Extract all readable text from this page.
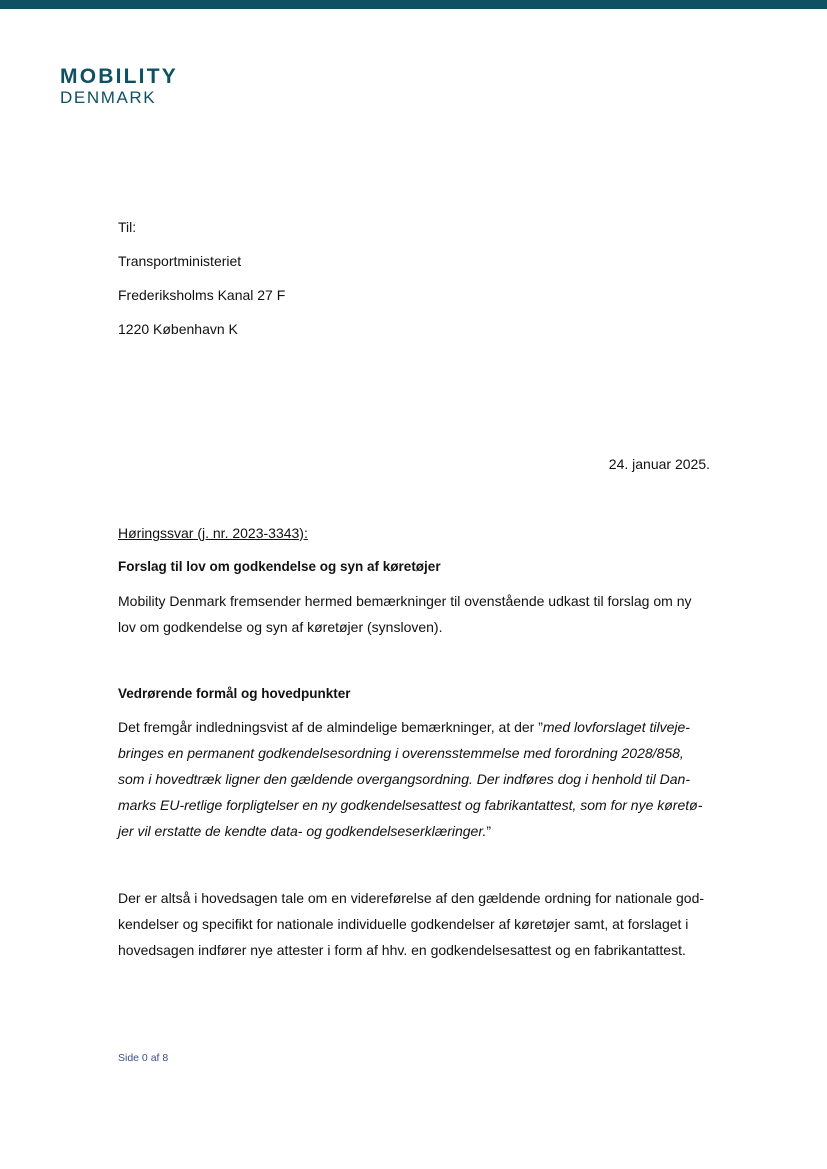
MOBILITY
DENMARK
Til:
Transportministeriet
Frederiksholms Kanal 27 F
1220 København K
24. januar 2025.
Høringssvar (j. nr. 2023-3343):
Forslag til lov om godkendelse og syn af køretøjer
Mobility Denmark fremsender hermed bemærkninger til ovenstående udkast til forslag om ny
lov om godkendelse og syn af køretøjer (synsloven).
Vedrørende formål og hovedpunkter
Det fremgår indledningsvist af de almindelige bemærkninger, at der ”med lovforslaget tilveje-
bringes en permanent godkendelsesordning i overensstemmelse med forordning 2028/858,
som i hovedtræk ligner den gældende overgangsordning. Der indføres dog i henhold til Dan-
marks EU-retlige forpligtelser en ny godkendelsesattest og fabrikantattest, som for nye køretø-
jer vil erstatte de kendte data- og godkendelseserklæringer.”
Der er altså i hovedsagen tale om en videreførelse af den gældende ordning for nationale god-
kendelser og specifikt for nationale individuelle godkendelser af køretøjer samt, at forslaget i
hovedsagen indfører nye attester i form af hhv. en godkendelsesattest og en fabrikantattest.
Side 0 af 8
